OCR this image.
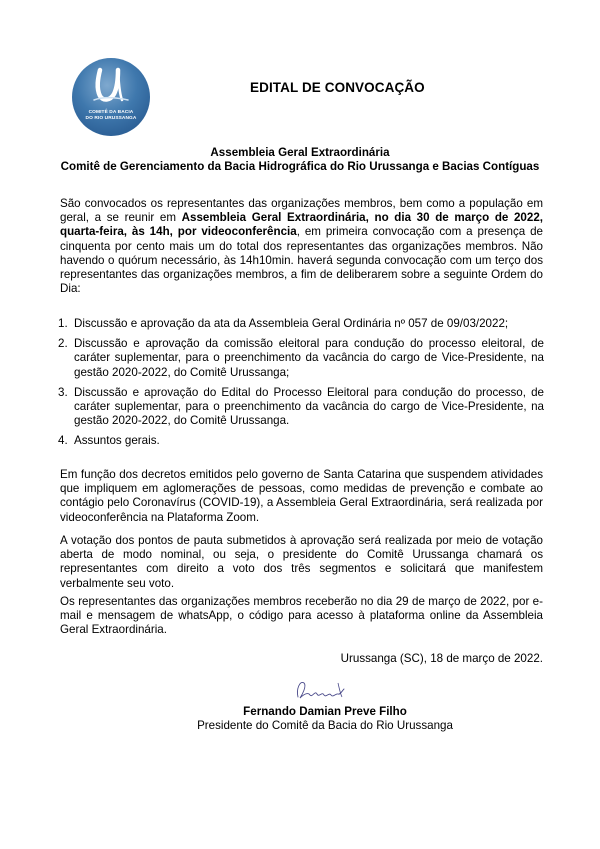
COMITÊ DA BACIA
DO RIO URUSSANGA
EDITAL DE CONVOCAÇÃO
Assembleia Geral Extraordinária
Comitê de Gerenciamento da Bacia Hidrográfica do Rio Urussanga e Bacias Contíguas
São convocados os representantes das organizações membros, bem como a população em geral, a se reunir em Assembleia Geral Extraordinária, no dia 30 de março de 2022, quarta-feira, às 14h, por videoconferência, em primeira convocação com a presença de cinquenta por cento mais um do total dos representantes das organizações membros. Não havendo o quórum necessário, às 14h10min. haverá segunda convocação com um terço dos representantes das organizações membros, a fim de deliberarem sobre a seguinte Ordem do Dia:
1. Discussão e aprovação da ata da Assembleia Geral Ordinária nº 057 de 09/03/2022;
2. Discussão e aprovação da comissão eleitoral para condução do processo eleitoral, de caráter suplementar, para o preenchimento da vacância do cargo de Vice-Presidente, na gestão 2020-2022, do Comitê Urussanga;
3. Discussão e aprovação do Edital do Processo Eleitoral para condução do processo, de caráter suplementar, para o preenchimento da vacância do cargo de Vice-Presidente, na gestão 2020-2022, do Comitê Urussanga.
4. Assuntos gerais.
Em função dos decretos emitidos pelo governo de Santa Catarina que suspendem atividades que impliquem em aglomerações de pessoas, como medidas de prevenção e combate ao contágio pelo Coronavírus (COVID-19), a Assembleia Geral Extraordinária, será realizada por videoconferência na Plataforma Zoom.
A votação dos pontos de pauta submetidos à aprovação será realizada por meio de votação aberta de modo nominal, ou seja, o presidente do Comitê Urussanga chamará os representantes com direito a voto dos três segmentos e solicitará que manifestem verbalmente seu voto.
Os representantes das organizações membros receberão no dia 29 de março de 2022, por e-mail e mensagem de whatsApp, o código para acesso à plataforma online da Assembleia Geral Extraordinária.
Urussanga (SC), 18 de março de 2022.
Fernando Damian Preve Filho
Presidente do Comitê da Bacia do Rio Urussanga
